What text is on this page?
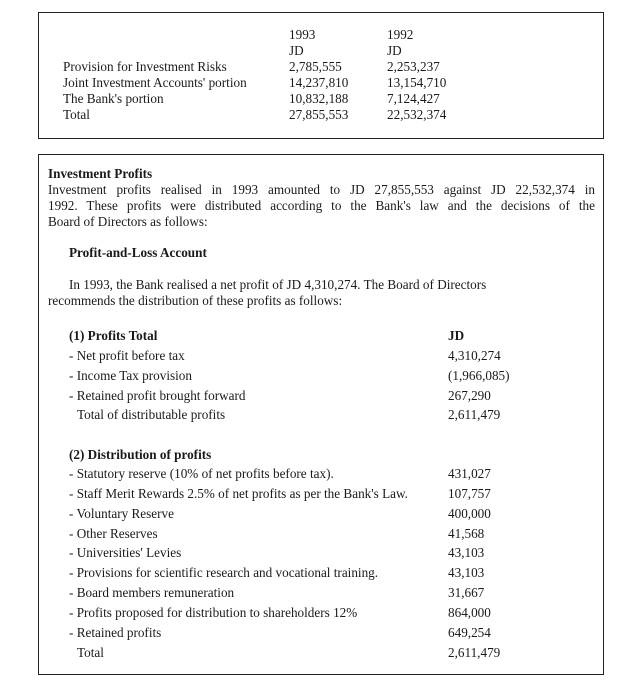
1993	1992
JD	JD
Provision for Investment Risks	2,785,555	2,253,237
Joint Investment Accounts' portion	14,237,810	13,154,710
The Bank's portion	10,832,188	7,124,427
Total	27,855,553	22,532,374
Investment Profits
Investment profits realised in 1993 amounted to JD 27,855,553 against JD 22,532,374 in
1992. These profits were distributed according to the Bank's law and the decisions of the
Board of Directors as follows:
Profit-and-Loss Account
In 1993, the Bank realised a net profit of JD 4,310,274. The Board of Directors
recommends the distribution of these profits as follows:
(1) Profits Total	JD
- Net profit before tax	4,310,274
- Income Tax provision	(1,966,085)
- Retained profit brought forward	267,290
Total of distributable profits	2,611,479
(2) Distribution of profits
- Statutory reserve (10% of net profits before tax).	431,027
- Staff Merit Rewards 2.5% of net profits as per the Bank's Law.	107,757
- Voluntary Reserve	400,000
- Other Reserves	41,568
- Universities' Levies	43,103
- Provisions for scientific research and vocational training.	43,103
- Board members remuneration	31,667
- Profits proposed for distribution to shareholders 12%	864,000
- Retained profits	649,254
Total	2,611,479
